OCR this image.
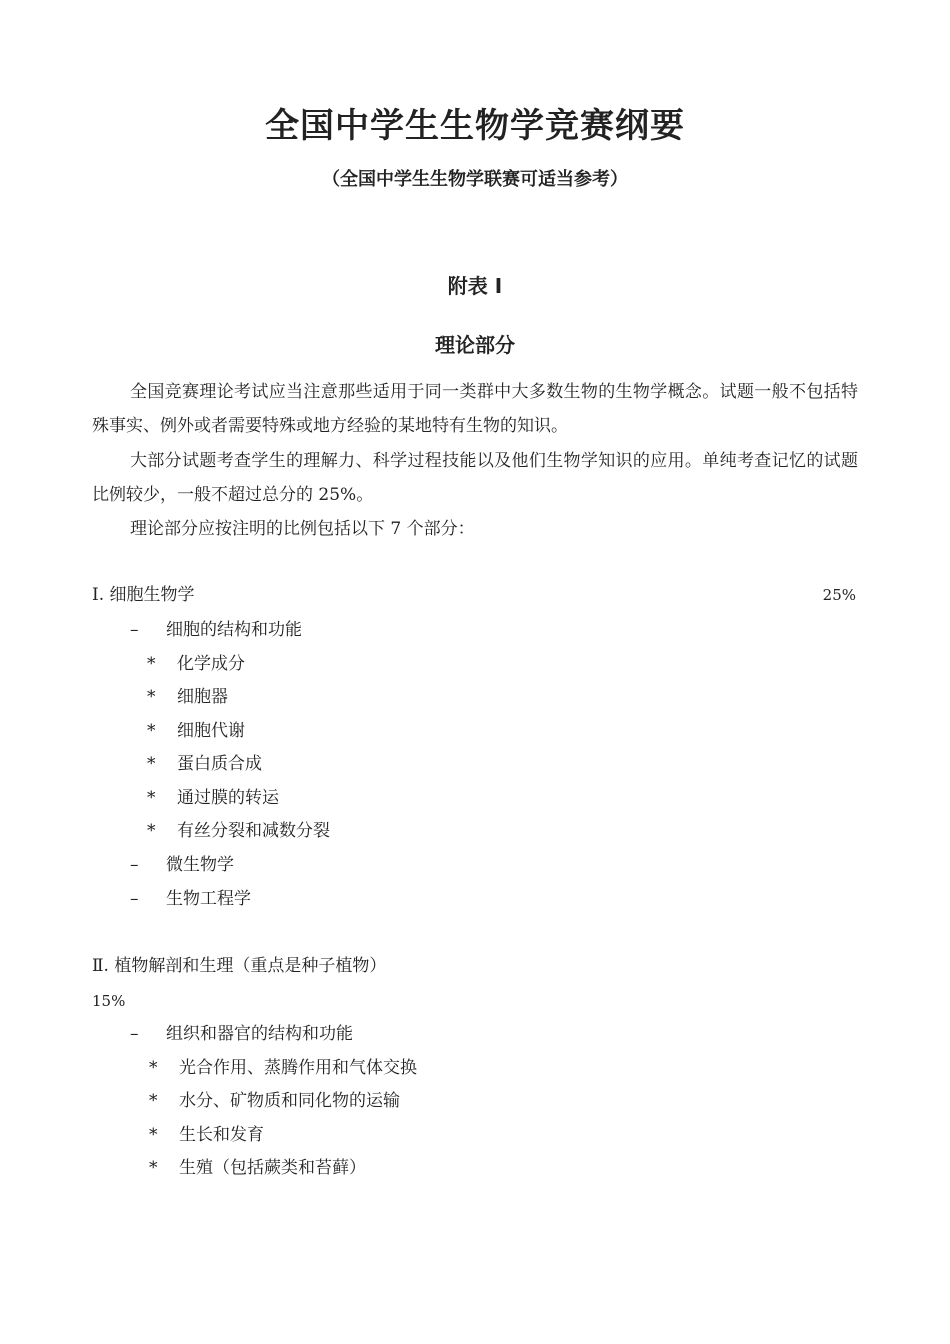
全国中学生生物学竞赛纲要
（全国中学生生物学联赛可适当参考）
附表 I
理论部分
全国竞赛理论考试应当注意那些适用于同一类群中大多数生物的生物学概念。试题一般不包括特殊事实、例外或者需要特殊或地方经验的某地特有生物的知识。
大部分试题考查学生的理解力、科学过程技能以及他们生物学知识的应用。单纯考查记忆的试题比例较少，一般不超过总分的 25%。
理论部分应按注明的比例包括以下 7 个部分：
I. 细胞生物学	25%
– 细胞的结构和功能
* 化学成分
* 细胞器
* 细胞代谢
* 蛋白质合成
* 通过膜的转运
* 有丝分裂和减数分裂
– 微生物学
– 生物工程学
Ⅱ. 植物解剖和生理（重点是种子植物）
15%
– 组织和器官的结构和功能
* 光合作用、蒸腾作用和气体交换
* 水分、矿物质和同化物的运输
* 生长和发育
* 生殖（包括蕨类和苔藓）
